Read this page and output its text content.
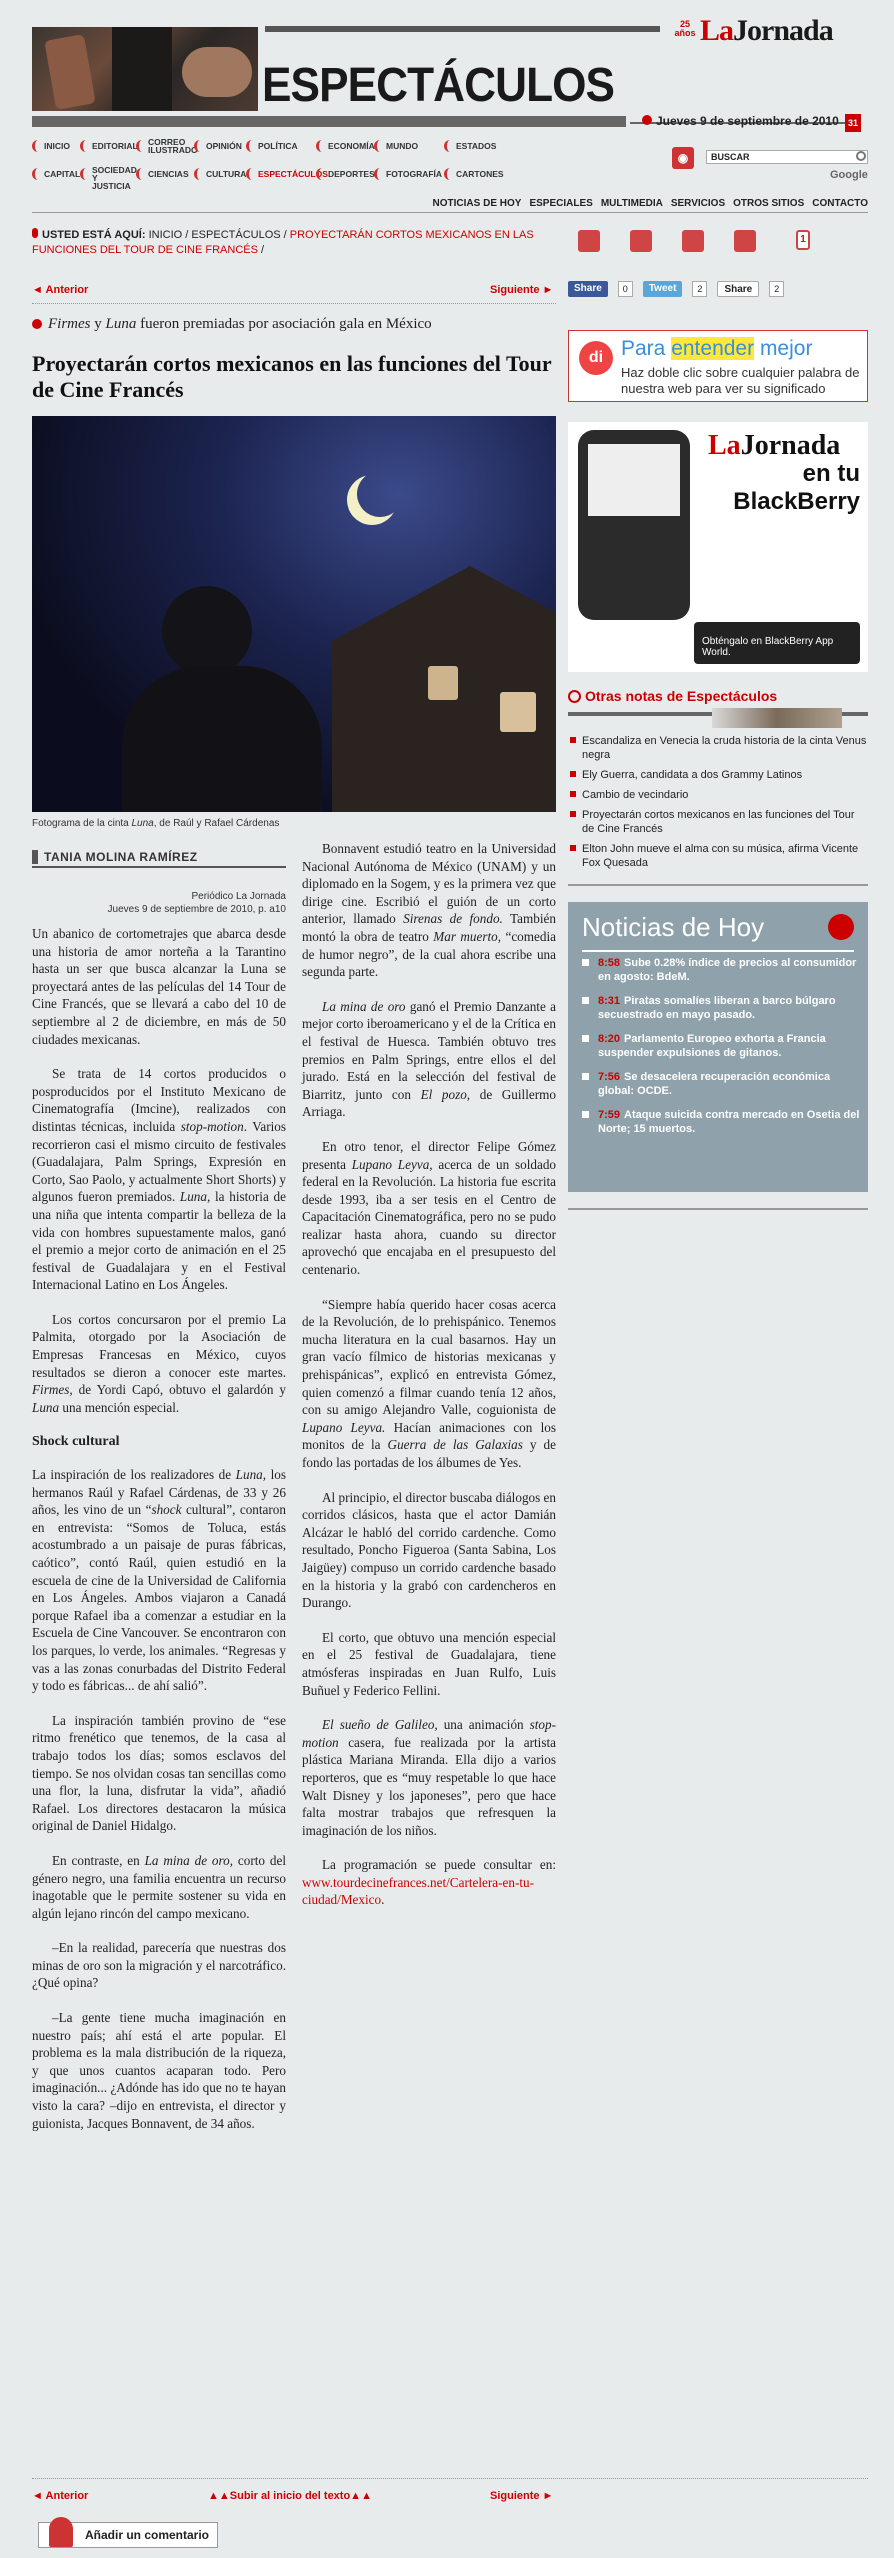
ESPECTÁCULOS
25 años LaJornada
Jueves 9 de septiembre de 2010	31
INICIO	EDITORIAL	CORREO ILUSTRADO OPINIÓN	POLÍTICA	ECONOMÍA	MUNDO	ESTADOS
CAPITAL	SOCIEDAD Y JUSTICIA
CIENCIAS	CULTURA	ESPECTÁCULOS DEPORTES	FOTOGRAFÍA	CARTONES
◉	BUSCAR
Google
NOTICIAS DE HOY ESPECIALES MULTIMEDIA SERVICIOS OTROS SITIOS CONTACTO
USTED ESTÁ AQUÍ: INICIO / ESPECTÁCULOS / PROYECTARÁN CORTOS MEXICANOS EN LAS FUNCIONES DEL TOUR DE CINE FRANCÉS /
1
◄ Anterior	Siguiente ►	Share	0	Tweet	2	Share	2
Firmes y Luna fueron premiadas por asociación gala en México
Proyectarán cortos mexicanos en las funciones del Tour de Cine Francés
Fotograma de la cinta Luna, de Raúl y Rafael Cárdenas
TANIA MOLINA RAMÍREZ
Periódico La Jornada
Jueves 9 de septiembre de 2010, p. a10

Un abanico de cortometrajes que abarca desde una historia de amor norteña a la Tarantino hasta un ser que busca alcanzar la Luna se proyectará antes de las películas del 14 Tour de Cine Francés, que se llevará a cabo del 10 de septiembre al 2 de diciembre, en más de 50 ciudades mexicanas.

Se trata de 14 cortos producidos o posproducidos por el Instituto Mexicano de Cinematografía (Imcine), realizados con distintas técnicas, incluida stop-motion. Varios recorrieron casi el mismo circuito de festivales (Guadalajara, Palm Springs, Expresión en Corto, Sao Paolo, y actualmente Short Shorts) y algunos fueron premiados. Luna, la historia de una niña que intenta compartir la belleza de la vida con hombres supuestamente malos, ganó el premio a mejor corto de animación en el 25 festival de Guadalajara y en el Festival Internacional Latino en Los Ángeles.

Los cortos concursaron por el premio La Palmita, otorgado por la Asociación de Empresas Francesas en México, cuyos resultados se dieron a conocer este martes. Firmes, de Yordi Capó, obtuvo el galardón y Luna una mención especial.

Shock cultural

La inspiración de los realizadores de Luna, los hermanos Raúl y Rafael Cárdenas, de 33 y 26 años, les vino de un “shock cultural”, contaron en entrevista: “Somos de Toluca, estás acostumbrado a un paisaje de puras fábricas, caótico”, contó Raúl, quien estudió en la escuela de cine de la Universidad de California en Los Ángeles. Ambos viajaron a Canadá porque Rafael iba a comenzar a estudiar en la Escuela de Cine Vancouver. Se encontraron con los parques, lo verde, los animales. “Regresas y vas a las zonas conurbadas del Distrito Federal y todo es fábricas... de ahí salió”.

La inspiración también provino de “ese ritmo frenético que tenemos, de la casa al trabajo todos los días; somos esclavos del tiempo. Se nos olvidan cosas tan sencillas como una flor, la luna, disfrutar la vida”, añadió Rafael. Los directores destacaron la música original de Daniel Hidalgo.

En contraste, en La mina de oro, corto del género negro, una familia encuentra un recurso inagotable que le permite sostener su vida en algún lejano rincón del campo mexicano.

–En la realidad, parecería que nuestras dos minas de oro son la migración y el narcotráfico. ¿Qué opina?

–La gente tiene mucha imaginación en nuestro país; ahí está el arte popular. El problema es la mala distribución de la riqueza, y que unos cuantos acaparan todo. Pero imaginación... ¿Adónde has ido que no te hayan visto la cara? –dijo en entrevista, el director y guionista, Jacques Bonnavent, de 34 años.

Bonnavent estudió teatro en la Universidad Nacional Autónoma de México (UNAM) y un diplomado en la Sogem, y es la primera vez que dirige cine. Escribió el guión de un corto anterior, llamado Sirenas de fondo. También montó la obra de teatro Mar muerto, “comedia de humor negro”, de la cual ahora escribe una segunda parte.

La mina de oro ganó el Premio Danzante a mejor corto iberoamericano y el de la Crítica en el festival de Huesca. También obtuvo tres premios en Palm Springs, entre ellos el del jurado. Está en la selección del festival de Biarritz, junto con El pozo, de Guillermo Arriaga.

En otro tenor, el director Felipe Gómez presenta Lupano Leyva, acerca de un soldado federal en la Revolución. La historia fue escrita desde 1993, iba a ser tesis en el Centro de Capacitación Cinematográfica, pero no se pudo realizar hasta ahora, cuando su director aprovechó que encajaba en el presupuesto del centenario.

“Siempre había querido hacer cosas acerca de la Revolución, de lo prehispánico. Tenemos mucha literatura en la cual basarnos. Hay un gran vacío fílmico de historias mexicanas y prehispánicas”, explicó en entrevista Gómez, quien comenzó a filmar cuando tenía 12 años, con su amigo Alejandro Valle, coguionista de Lupano Leyva. Hacían animaciones con los monitos de la Guerra de las Galaxias y de fondo las portadas de los álbumes de Yes.

Al principio, el director buscaba diálogos en corridos clásicos, hasta que el actor Damián Alcázar le habló del corrido cardenche. Como resultado, Poncho Figueroa (Santa Sabina, Los Jaigüey) compuso un corrido cardenche basado en la historia y la grabó con cardencheros en Durango.

El corto, que obtuvo una mención especial en el 25 festival de Guadalajara, tiene atmósferas inspiradas en Juan Rulfo, Luis Buñuel y Federico Fellini.

El sueño de Galileo, una animación stop-motion casera, fue realizada por la artista plástica Mariana Miranda. Ella dijo a varios reporteros, que es “muy respetable lo que hace Walt Disney y los japoneses”, pero que hace falta mostrar trabajos que refresquen la imaginación de los niños.

La programación se puede consultar en: www.tourdecinefrances.net/Cartelera-en-tu-ciudad/Mexico.

di Para entender mejor
Haz doble clic sobre cualquier palabra de nuestra web para ver su significado
LaJornada
en tu
BlackBerry
Obténgalo en BlackBerry App World.
Otras notas de Espectáculos
Escandaliza en Venecia la cruda historia de la cinta Venus negra
Ely Guerra, candidata a dos Grammy Latinos
Cambio de vecindario
Proyectarán cortos mexicanos en las funciones del Tour de Cine Francés
Elton John mueve el alma con su música, afirma Vicente Fox Quesada
Noticias de Hoy
8:58 Sube 0.28% índice de precios al consumidor en agosto: BdeM.
8:31 Piratas somalíes liberan a barco búlgaro secuestrado en mayo pasado.
8:20 Parlamento Europeo exhorta a Francia suspender expulsiones de gitanos.
7:56 Se desacelera recuperación económica global: OCDE.
7:59 Ataque suicida contra mercado en Osetia del Norte; 15 muertos.
◄ Anterior	▲▲Subir al inicio del texto▲▲	Siguiente ►
Añadir un comentario
